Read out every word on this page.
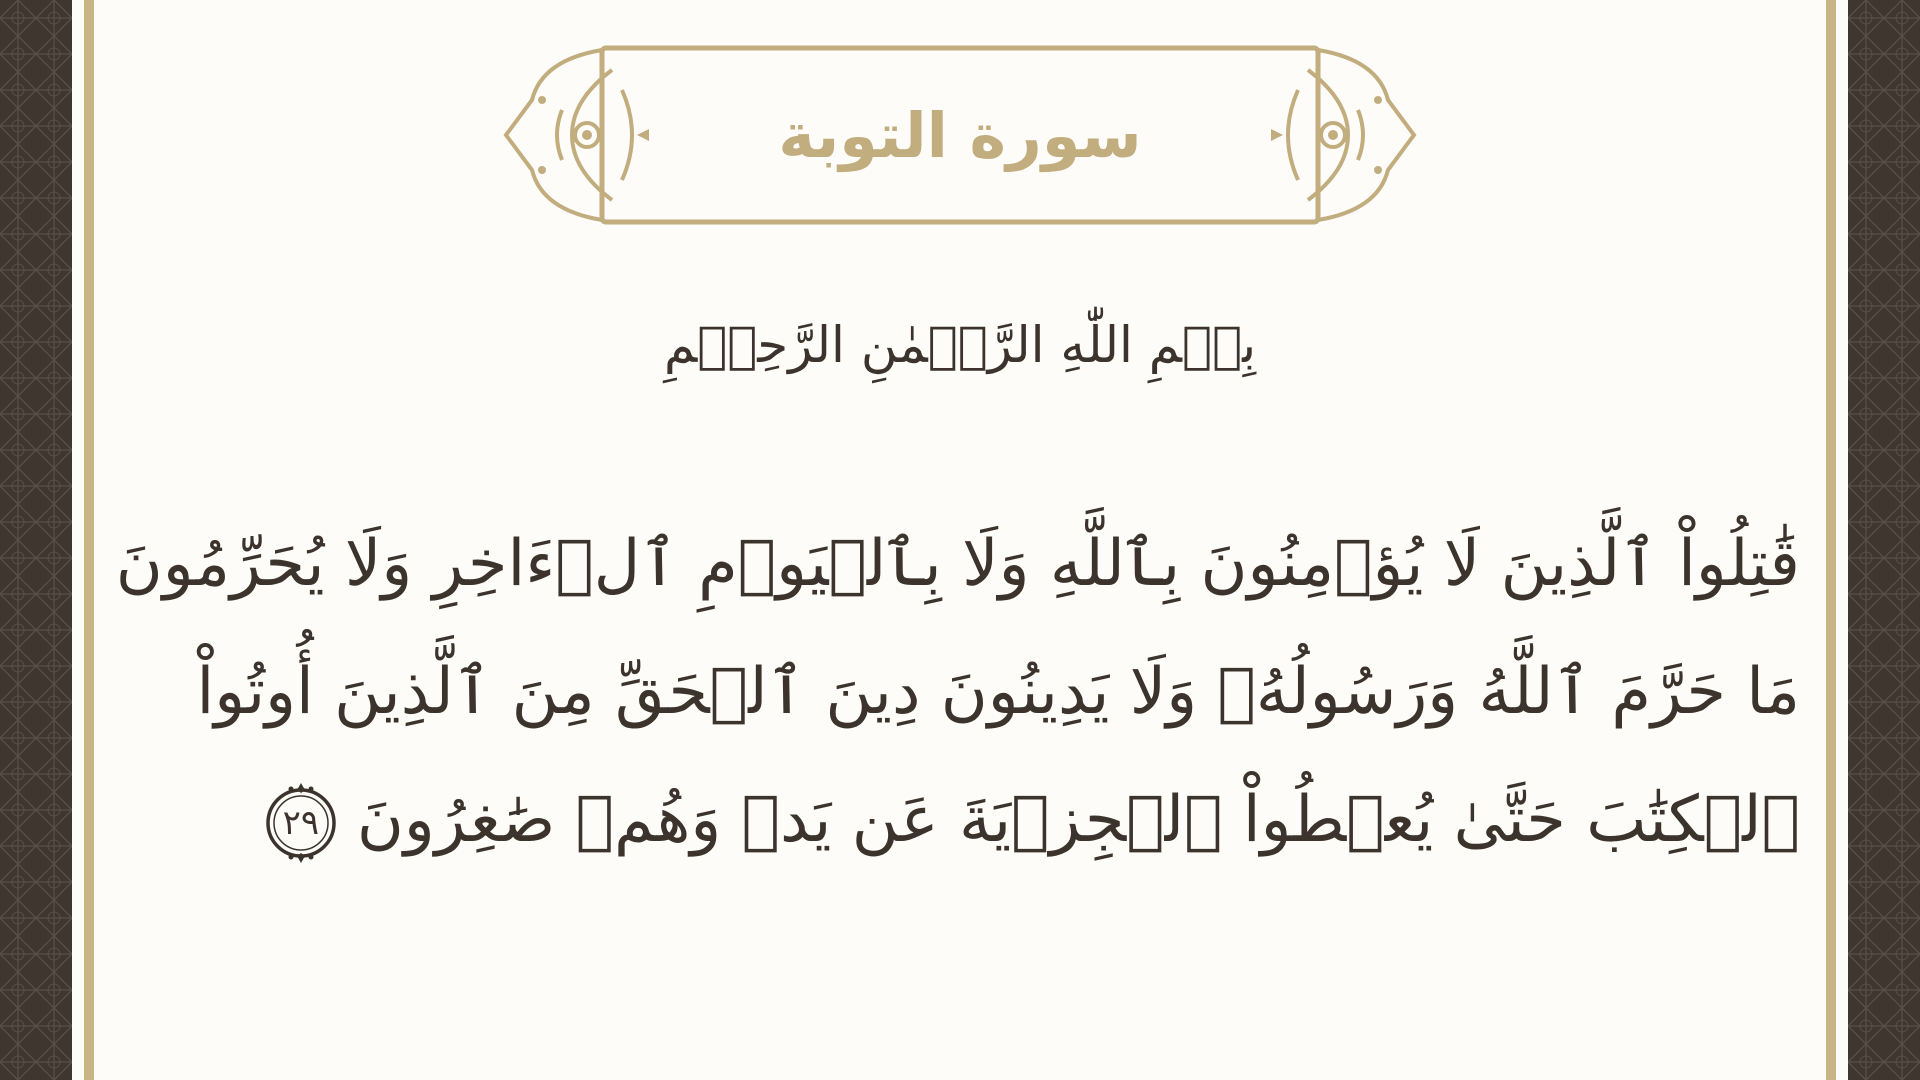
سورة التوبة
بِسۡمِ اللّٰهِ الرَّحۡمٰنِ الرَّحِيۡمِ
قَٰتِلُواْ ٱلَّذِينَ لَا يُؤۡمِنُونَ بِٱللَّهِ وَلَا بِٱلۡيَوۡمِ ٱلۡءَاخِرِ وَلَا يُحَرِّمُونَ
مَا حَرَّمَ ٱللَّهُ وَرَسُولُهُۥ وَلَا يَدِينُونَ دِينَ ٱلۡحَقِّ مِنَ ٱلَّذِينَ أُوتُواْ
ٱلۡكِتَٰبَ حَتَّىٰ يُعۡطُواْ ٱلۡجِزۡيَةَ عَن يَدٖ وَهُمۡ صَٰغِرُونَ
٢٩
